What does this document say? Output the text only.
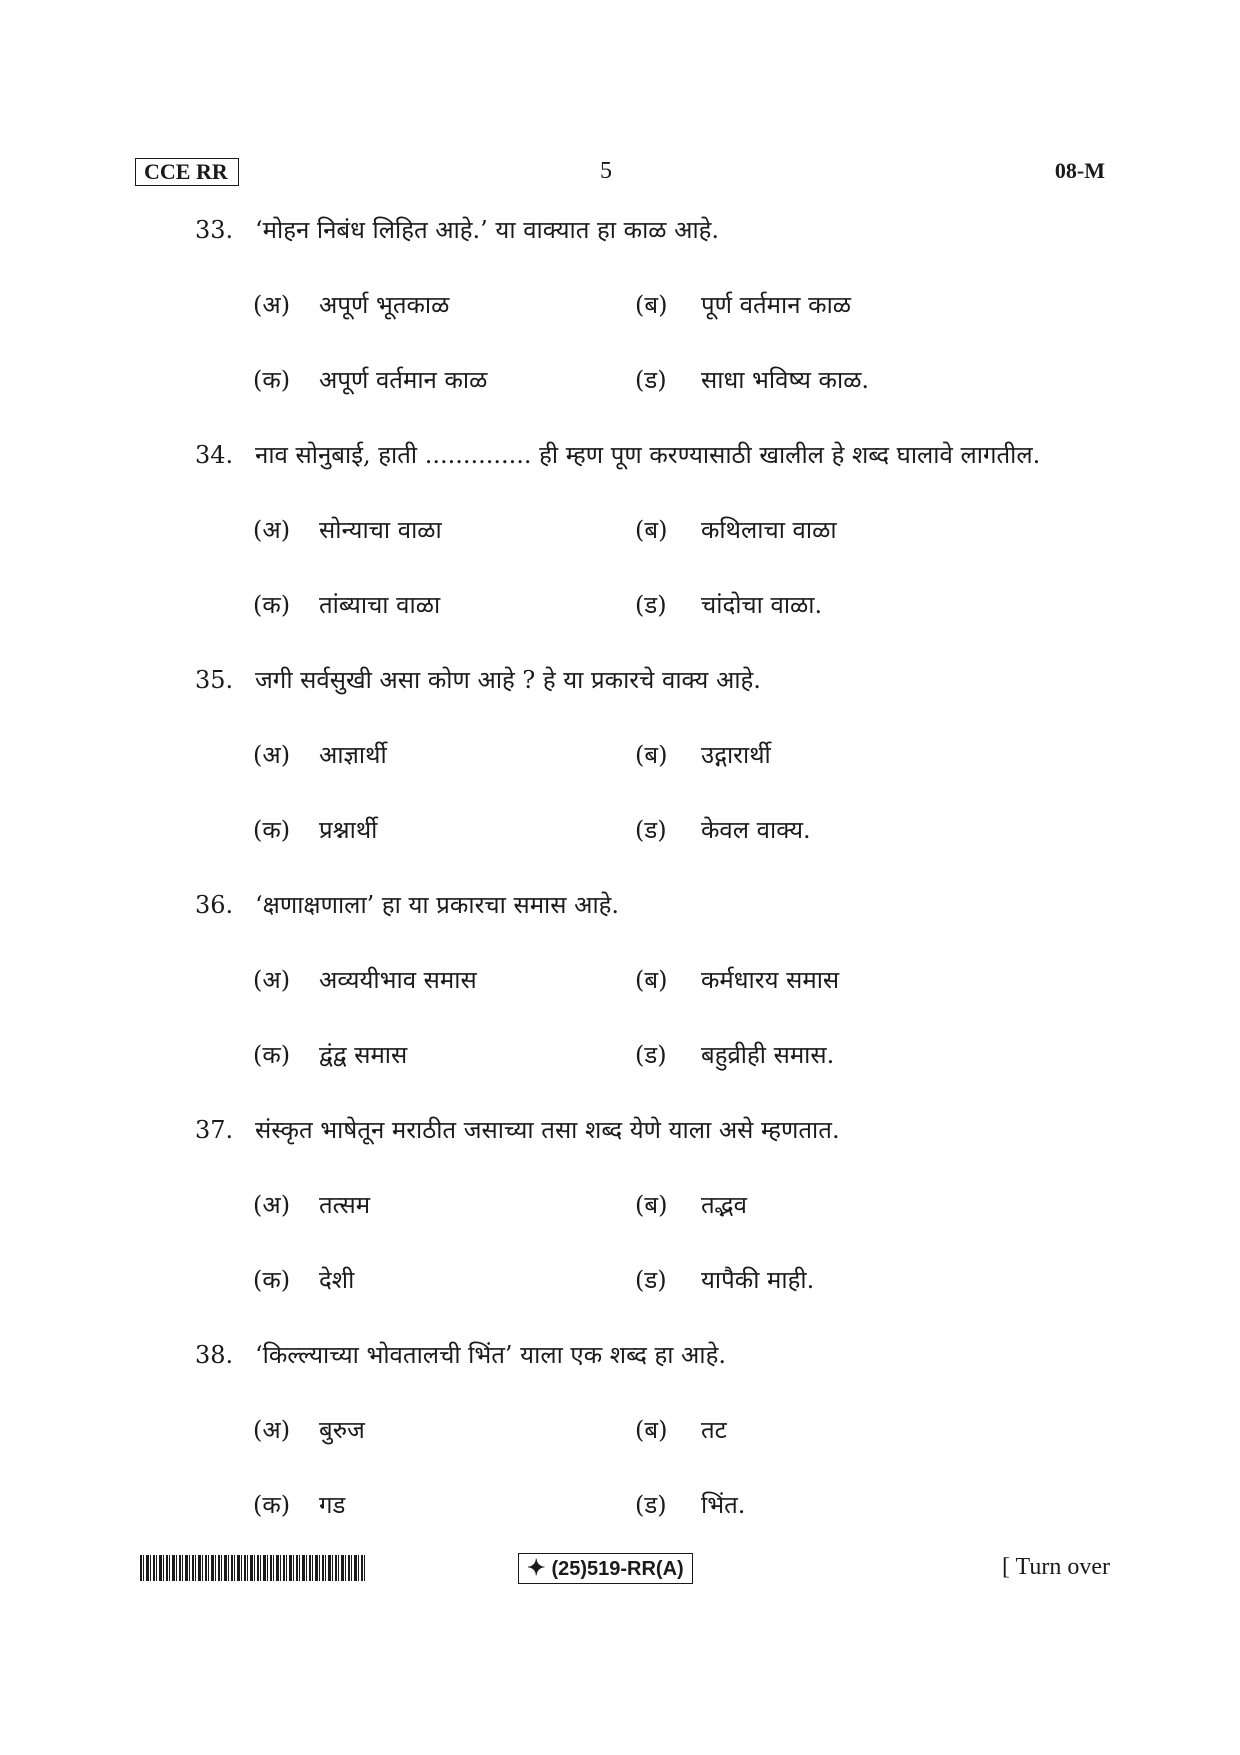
CCE RR	5	08-M
33. ‘मोहन निबंध लिहित आहे.’ या वाक्यात हा काळ आहे.
(अ) अपूर्ण भूतकाळ	(ब) पूर्ण वर्तमान काळ
(क) अपूर्ण वर्तमान काळ	(ड) साधा भविष्य काळ.
34. नाव सोनुबाई, हाती .............. ही म्हण पूण करण्यासाठी खालील हे शब्द घालावे लागतील.
(अ) सोन्याचा वाळा	(ब) कथिलाचा वाळा
(क) तांब्याचा वाळा	(ड) चांदोचा वाळा.
35. जगी सर्वसुखी असा कोण आहे ? हे या प्रकारचे वाक्य आहे.
(अ) आज्ञार्थी	(ब) उद्गारार्थी
(क) प्रश्नार्थी	(ड) केवल वाक्य.
36. ‘क्षणाक्षणाला’ हा या प्रकारचा समास आहे.
(अ) अव्ययीभाव समास	(ब) कर्मधारय समास
(क) द्वंद्व समास	(ड) बहुव्रीही समास.
37. संस्कृत भाषेतून मराठीत जसाच्या तसा शब्द येणे याला असे म्हणतात.
(अ) तत्सम	(ब) तद्भव
(क) देशी	(ड) यापैकी माही.
38. ‘किल्ल्याच्या भोवतालची भिंत’ याला एक शब्द हा आहे.
(अ) बुरुज	(ब) तट
(क) गड	(ड) भिंत.
✦ (25)519-RR(A)	[ Turn over
